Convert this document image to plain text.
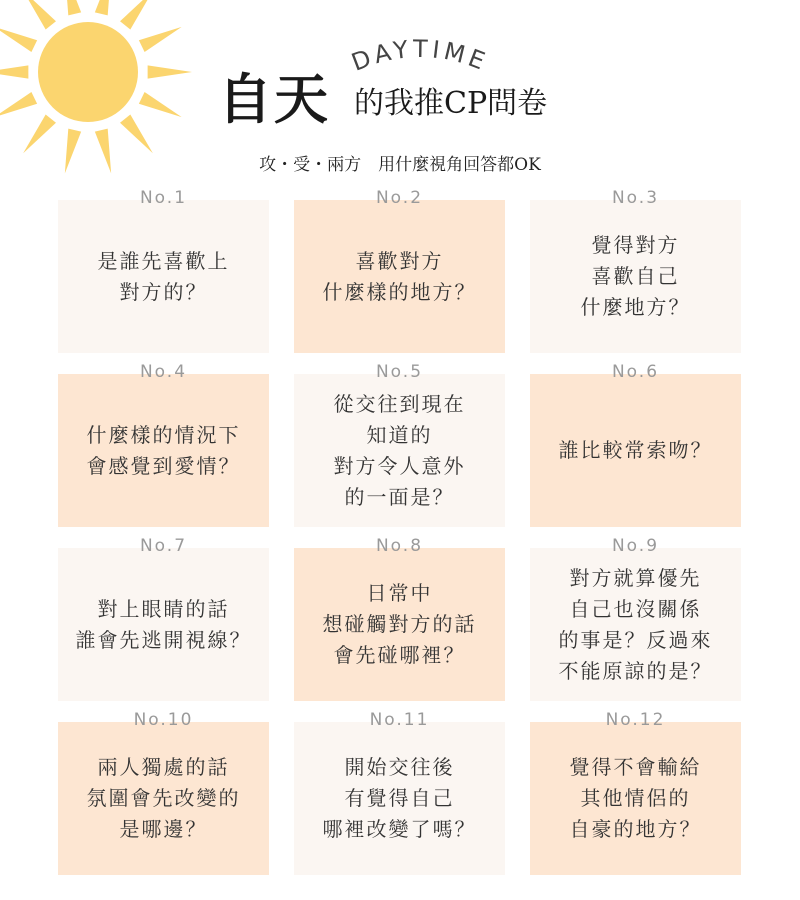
DAYTIME
自天 的我推CP問卷
攻・受・兩方　用什麼視角回答都OK
是誰先喜歡上
對方的？
No.1
喜歡對方
什麼樣的地方？
No.2
覺得對方
喜歡自己
什麼地方？
No.3
什麼樣的情況下
會感覺到愛情？
No.4
從交往到現在
知道的
對方令人意外
的一面是？
No.5
誰比較常索吻？
No.6
對上眼睛的話
誰會先逃開視線？
No.7
日常中
想碰觸對方的話
會先碰哪裡？
No.8
對方就算優先
自己也沒關係
的事是？反過來
不能原諒的是？
No.9
兩人獨處的話
氛圍會先改變的
是哪邊？
No.10
開始交往後
有覺得自己
哪裡改變了嗎？
No.11
覺得不會輸給
其他情侶的
自豪的地方？
No.12
